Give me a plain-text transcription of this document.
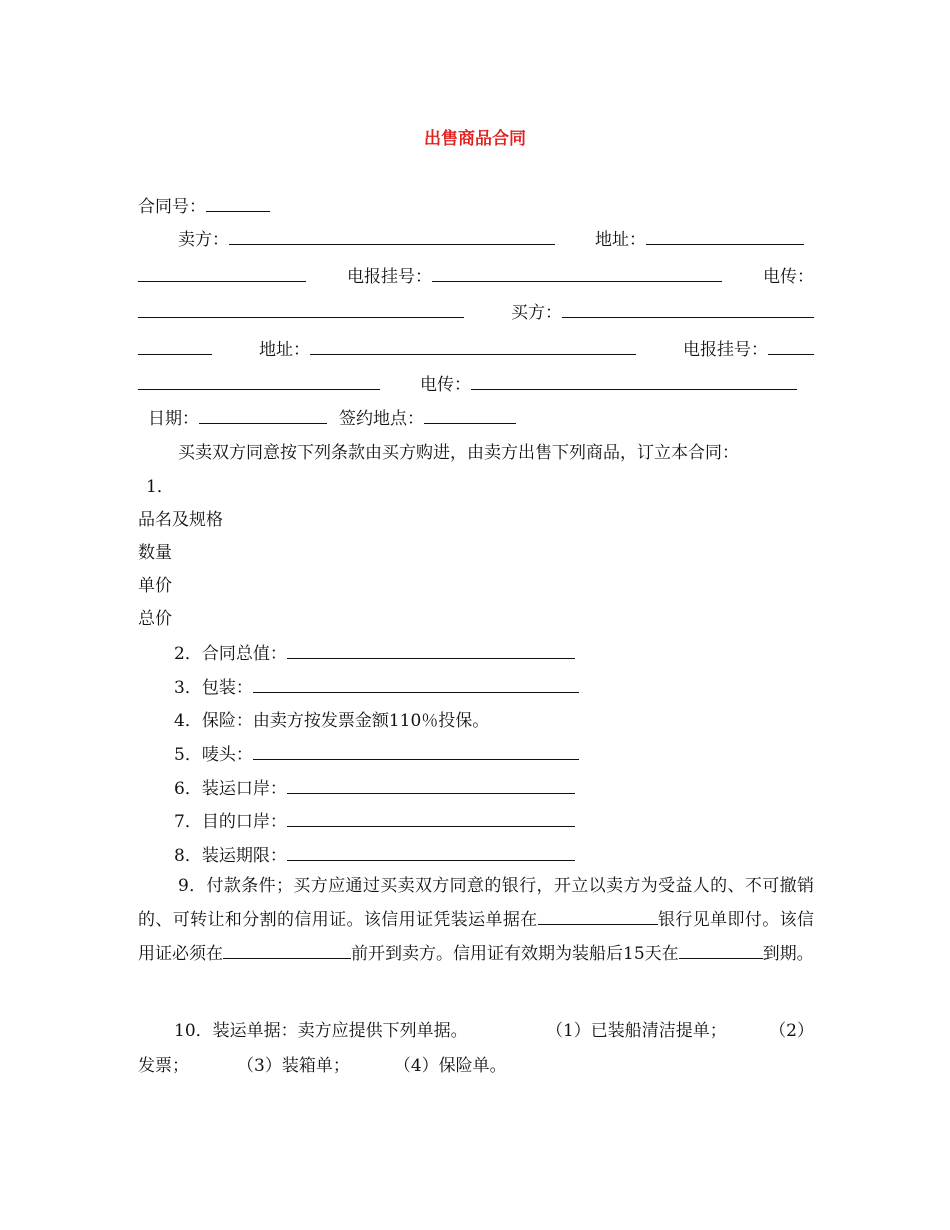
出售商品合同
合同号：
卖方：	地址：
电报挂号：	电传：
买方：
地址：	电报挂号：
电传：
日期：	签约地点：
买卖双方同意按下列条款由买方购进，由卖方出售下列商品，订立本合同：
1．
品名及规格
数量
单价
总价
2．合同总值：
3．包装：
4．保险：由卖方按发票金额110％投保。
5．唛头：
6．装运口岸：
7．目的口岸：
8．装运期限：
9．付款条件；买方应通过买卖双方同意的银行，开立以卖方为受益人的、不可撤销的、可转让和分割的信用证。该信用证凭装运单据在	银行见单即付。该信用证必须在	前开到卖方。信用证有效期为装船后15天在	到期。
10．装运单据：卖方应提供下列单据。	（1）已装船清洁提单； （2）
发票；	（3）装箱单；	（4）保险单。
